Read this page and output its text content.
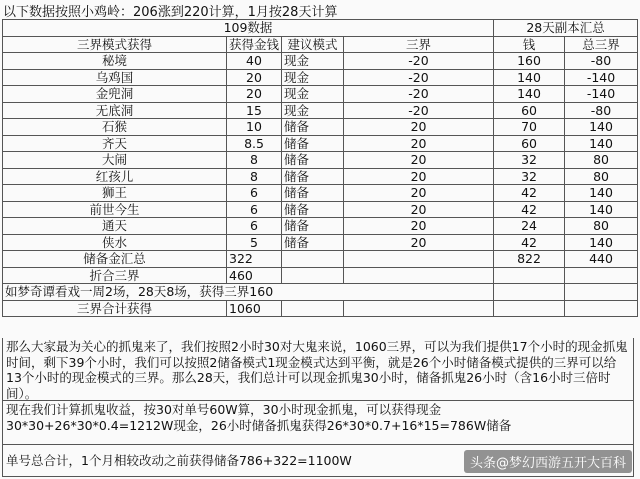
以下数据按照小鸡岭：206涨到220计算，1月按28天计算
109数据				28天副本汇总	
三界模式获得	获得金钱	建议模式	三界	钱	总三界
秘境	40	现金	-20	160	-80
乌鸡国	20	现金	-20	140	-140
金兜洞	20	现金	-20	140	-140
无底洞	15	现金	-20	60	-80
石猴	10	储备	20	70	140
齐天	8.5	储备	20	60	140
大闹	8	储备	20	32	80
红孩儿	8	储备	20	32	80
狮王	6	储备	20	42	140
前世今生	6	储备	20	42	140
通天	6	储备	20	24	80
侠水	5	储备	20	42	140
储备金汇总	322			822	440
折合三界	460				
如梦奇谭看戏一周2场，28天8场，获得三界160					
三界合计获得	1060				

那么大家最为关心的抓鬼来了，我们按照2小时30对大鬼来说，1060三界，可以为我们提供17个小时的现金抓鬼时间，剩下39个小时，我们可以按照2储备模式1现金模式达到平衡，就是26个小时储备模式提供的三界可以给13个小时的现金模式的三界。那么28天，我们总计可以现金抓鬼30小时，储备抓鬼26小时（含16小时三倍时间）。

现在我们计算抓鬼收益，按30对单号60W算，30小时现金抓鬼，可以获得现金

30*30+26*30*0.4=1212W现金，26小时储备抓鬼获得26*30*0.7+16*15=786W储备

单号总合计，1个月相较改动之前获得储备786+322=1100W	头条@梦幻西游五开大百科
